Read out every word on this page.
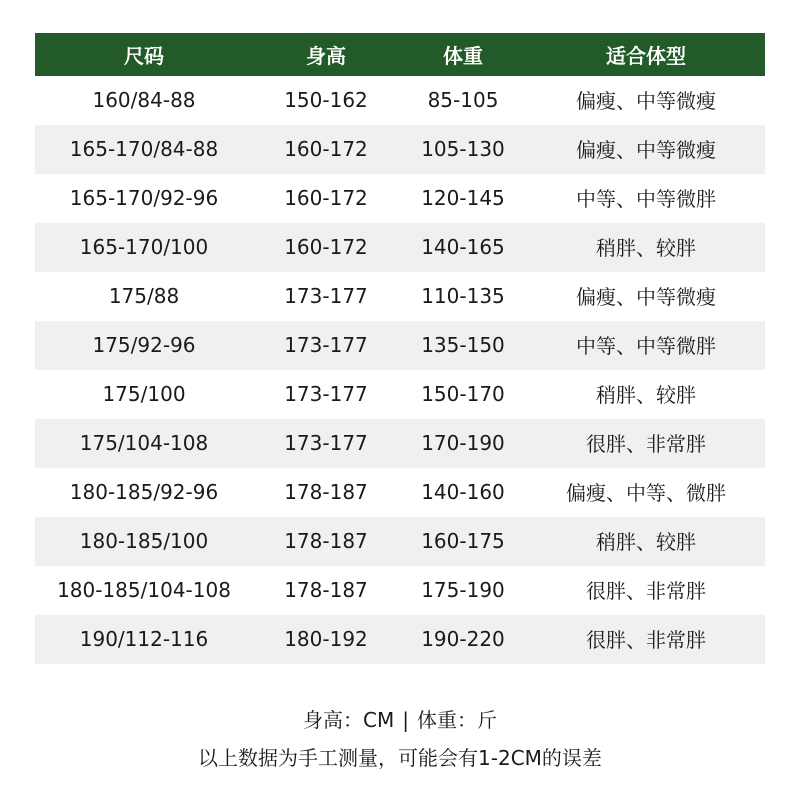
尺码	身高	体重	适合体型
160/84-88	150-162	85-105	偏瘦、中等微瘦
165-170/84-88	160-172	105-130	偏瘦、中等微瘦
165-170/92-96	160-172	120-145	中等、中等微胖
165-170/100	160-172	140-165	稍胖、较胖
175/88	173-177	110-135	偏瘦、中等微瘦
175/92-96	173-177	135-150	中等、中等微胖
175/100	173-177	150-170	稍胖、较胖
175/104-108	173-177	170-190	很胖、非常胖
180-185/92-96	178-187	140-160	偏瘦、中等、微胖
180-185/100	178-187	160-175	稍胖、较胖
180-185/104-108	178-187	175-190	很胖、非常胖
190/112-116	180-192	190-220	很胖、非常胖
身高：CM | 体重：斤
以上数据为手工测量，可能会有1-2CM的误差
